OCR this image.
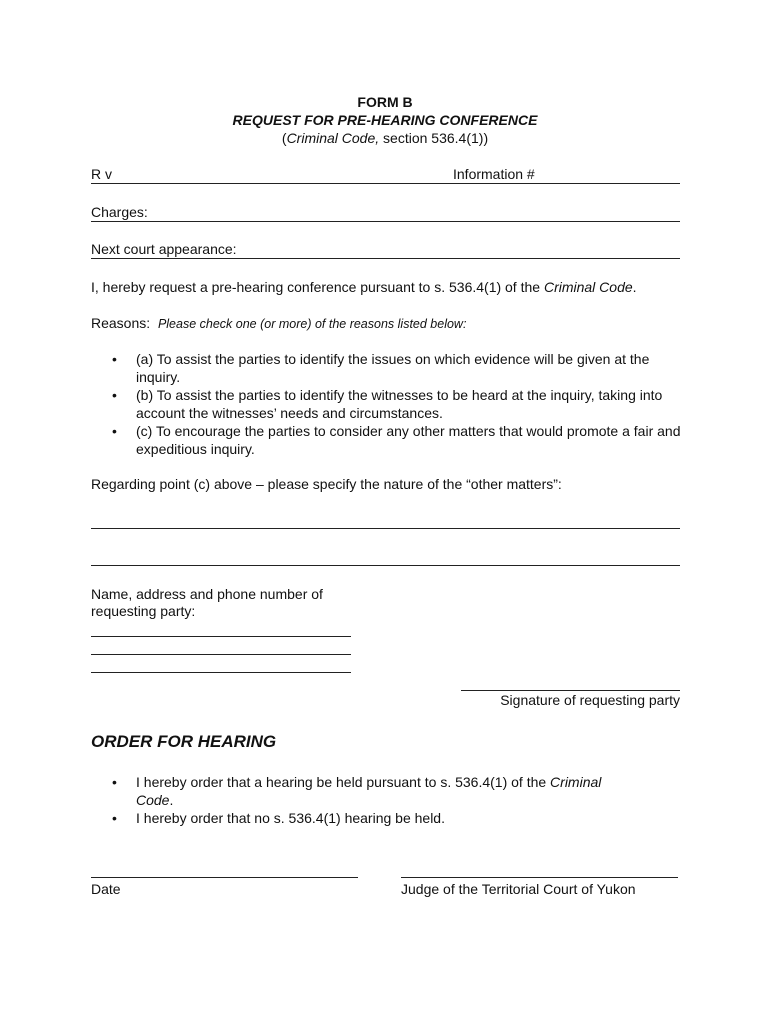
FORM B
REQUEST FOR PRE-HEARING CONFERENCE
(Criminal Code, section 536.4(1))
R v	Information #
Charges:
Next court appearance:
I, hereby request a pre-hearing conference pursuant to s. 536.4(1) of the Criminal Code.
Reasons: Please check one (or more) of the reasons listed below:
• (a) To assist the parties to identify the issues on which evidence will be given at the inquiry.
• (b) To assist the parties to identify the witnesses to be heard at the inquiry, taking into account the witnesses’ needs and circumstances.
• (c) To encourage the parties to consider any other matters that would promote a fair and expeditious inquiry.
Regarding point (c) above – please specify the nature of the “other matters”:
Name, address and phone number of
requesting party:
Signature of requesting party
ORDER FOR HEARING
• I hereby order that a hearing be held pursuant to s. 536.4(1) of the Criminal
Code.
• I hereby order that no s. 536.4(1) hearing be held.
Date	Judge of the Territorial Court of Yukon
